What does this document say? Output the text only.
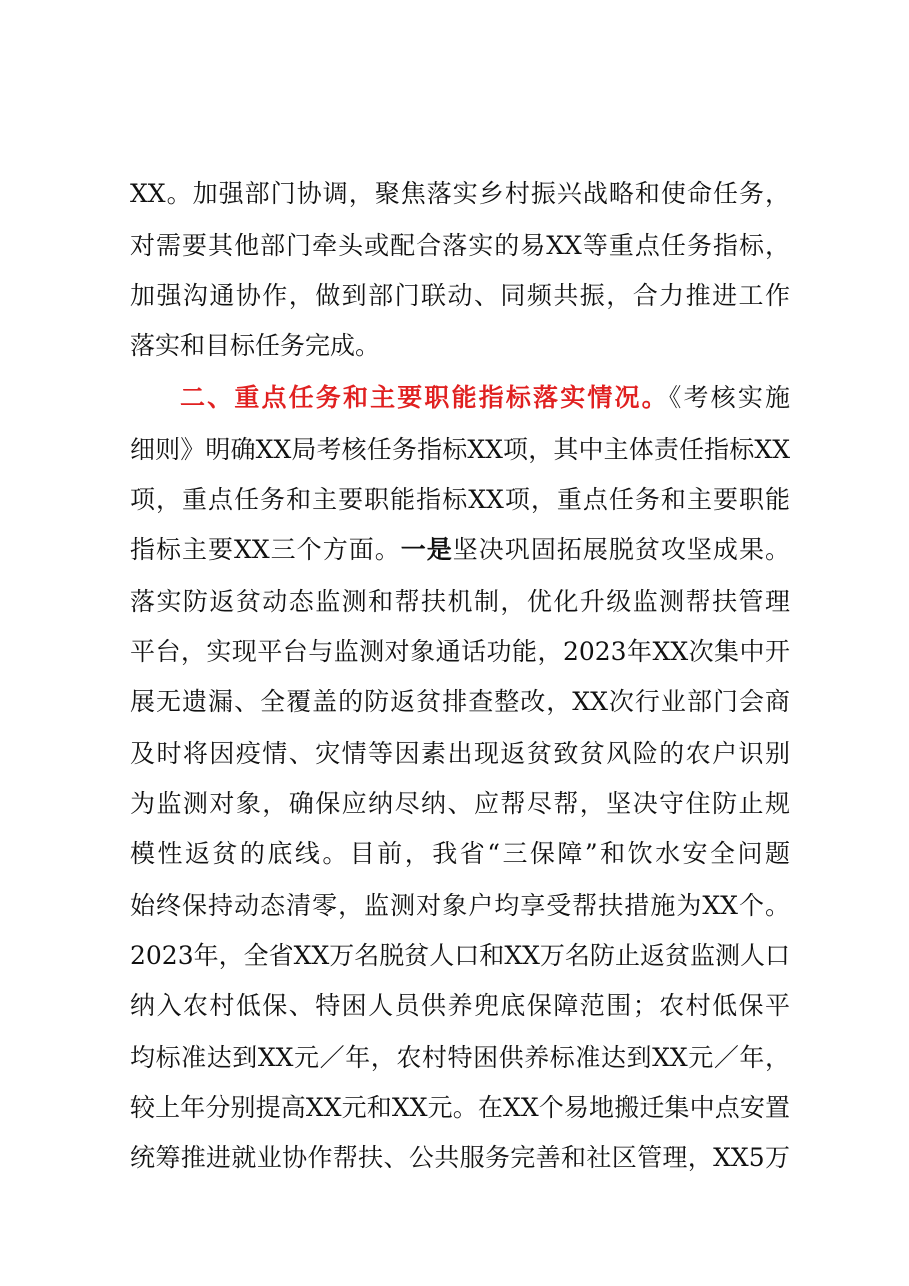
XX。加强部门协调，聚焦落实乡村振兴战略和使命任务，
对需要其他部门牵头或配合落实的易XX等重点任务指标，
加强沟通协作，做到部门联动、同频共振，合力推进工作
落实和目标任务完成。
二、重点任务和主要职能指标落实情况。《考核实施
细则》明确XX局考核任务指标XX项，其中主体责任指标XX
项，重点任务和主要职能指标XX项，重点任务和主要职能
指标主要XX三个方面。一是坚决巩固拓展脱贫攻坚成果。
落实防返贫动态监测和帮扶机制，优化升级监测帮扶管理
平台，实现平台与监测对象通话功能，2023年XX次集中开
展无遗漏、全覆盖的防返贫排查整改，XX次行业部门会商
及时将因疫情、灾情等因素出现返贫致贫风险的农户识别
为监测对象，确保应纳尽纳、应帮尽帮，坚决守住防止规
模性返贫的底线。目前，我省“三保障”和饮水安全问题
始终保持动态清零，监测对象户均享受帮扶措施为XX个。
2023年，全省XX万名脱贫人口和XX万名防止返贫监测人口
纳入农村低保、特困人员供养兜底保障范围；农村低保平
均标准达到XX元／年，农村特困供养标准达到XX元／年，
较上年分别提高XX元和XX元。在XX个易地搬迁集中点安置
统筹推进就业协作帮扶、公共服务完善和社区管理，XX5万
